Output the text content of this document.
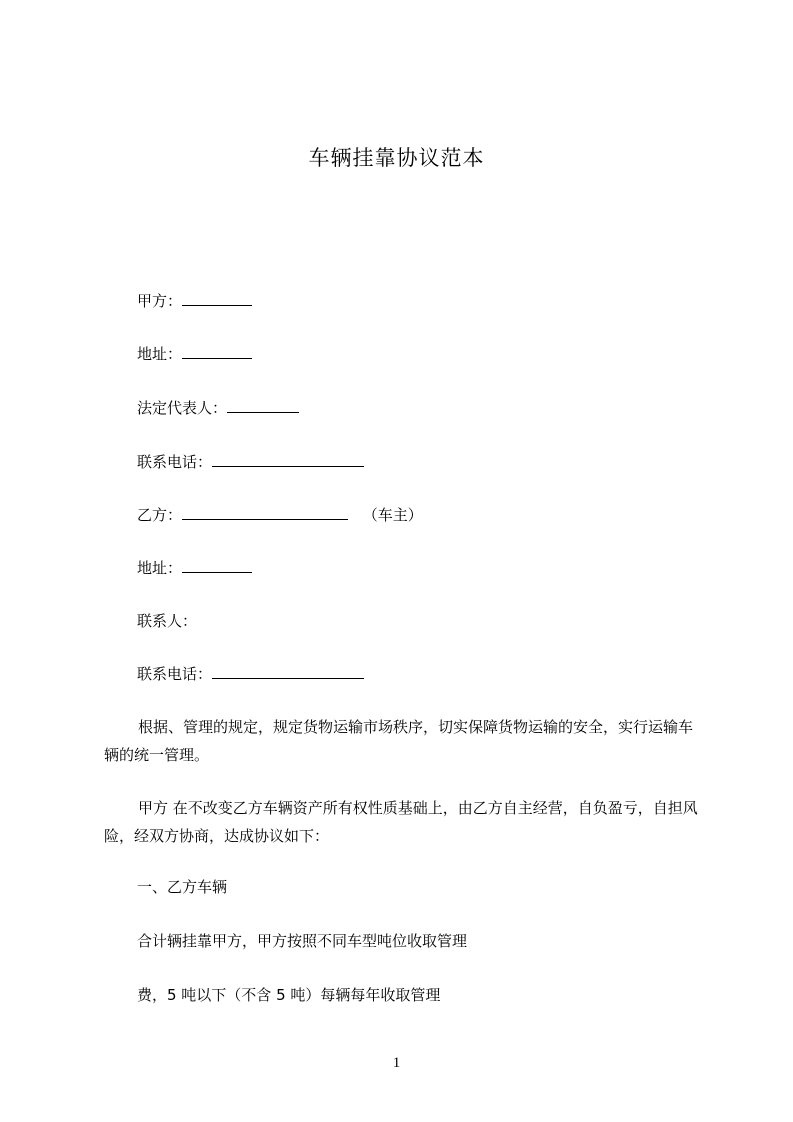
车辆挂靠协议范本
甲方：
地址：
法定代表人：
联系电话：
乙方：	（车主）
地址：
联系人：
联系电话：
根据、管理的规定，规定货物运输市场秩序，切实保障货物运输的安全，实行运输车辆的统一管理。
甲方 在不改变乙方车辆资产所有权性质基础上，由乙方自主经营，自负盈亏，自担风险，经双方协商，达成协议如下：
一、乙方车辆
合计辆挂靠甲方，甲方按照不同车型吨位收取管理
费，5 吨以下（不含 5 吨）每辆每年收取管理
1
